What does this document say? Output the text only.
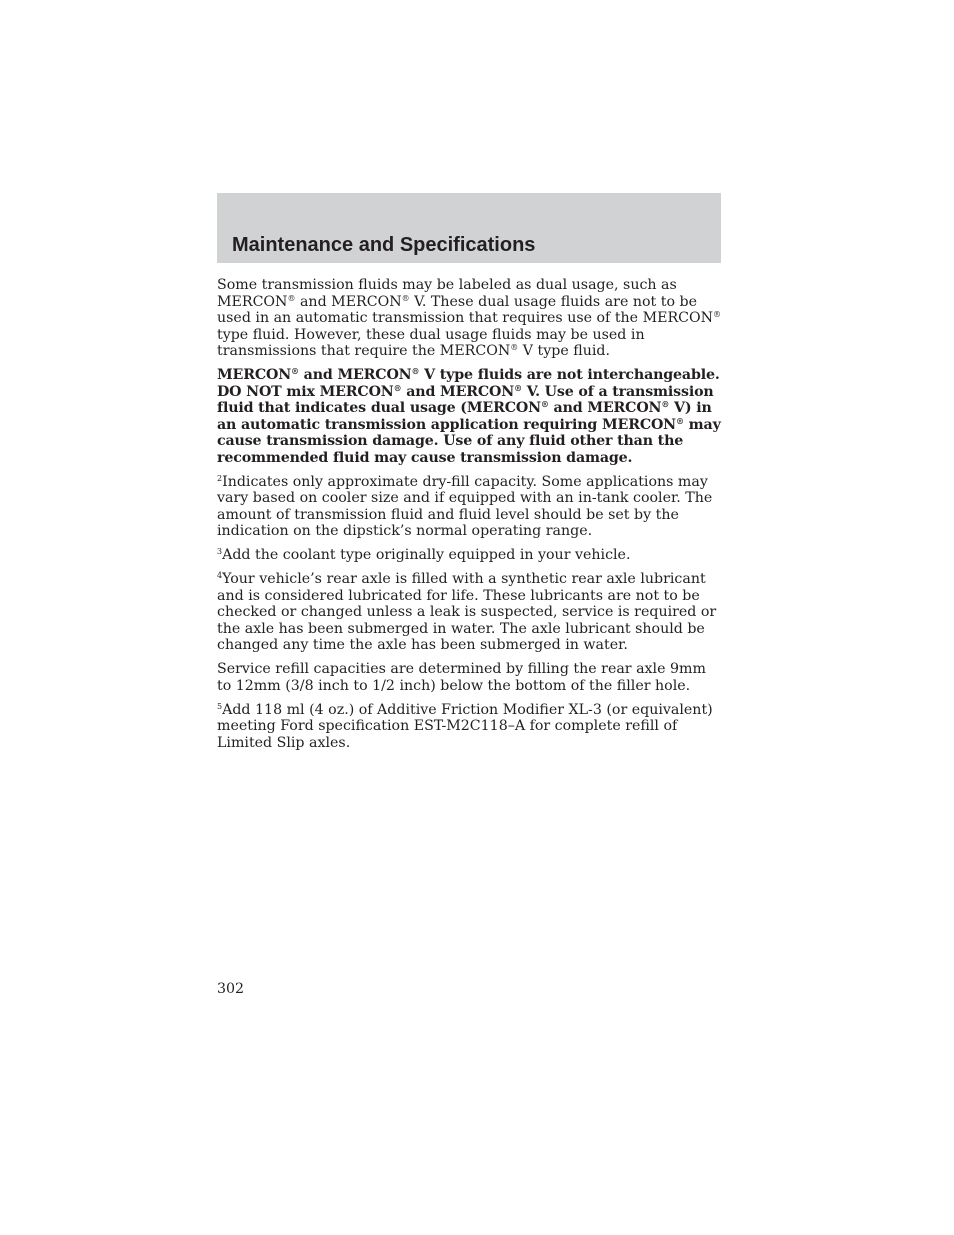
Maintenance and Specifications

Some transmission fluids may be labeled as dual usage, such as MERCON® and MERCON® V. These dual usage fluids are not to be used in an automatic transmission that requires use of the MERCON® type fluid. However, these dual usage fluids may be used in transmissions that require the MERCON® V type fluid.

MERCON® and MERCON® V type fluids are not interchangeable. DO NOT mix MERCON® and MERCON® V. Use of a transmission fluid that indicates dual usage (MERCON® and MERCON® V) in an automatic transmission application requiring MERCON® may cause transmission damage. Use of any fluid other than the recommended fluid may cause transmission damage.

$^2$Indicates only approximate dry-fill capacity. Some applications may vary based on cooler size and if equipped with an in-tank cooler. The amount of transmission fluid and fluid level should be set by the indication on the dipstick’s normal operating range.

$^3$Add the coolant type originally equipped in your vehicle.

$^4$Your vehicle’s rear axle is filled with a synthetic rear axle lubricant and is considered lubricated for life. These lubricants are not to be checked or changed unless a leak is suspected, service is required or the axle has been submerged in water. The axle lubricant should be changed any time the axle has been submerged in water.

Service refill capacities are determined by filling the rear axle 9mm to 12mm (3/8 inch to 1/2 inch) below the bottom of the filler hole.

$^5$Add 118 ml (4 oz.) of Additive Friction Modifier XL-3 (or equivalent) meeting Ford specification EST-M2C118–A for complete refill of Limited Slip axles.

302
